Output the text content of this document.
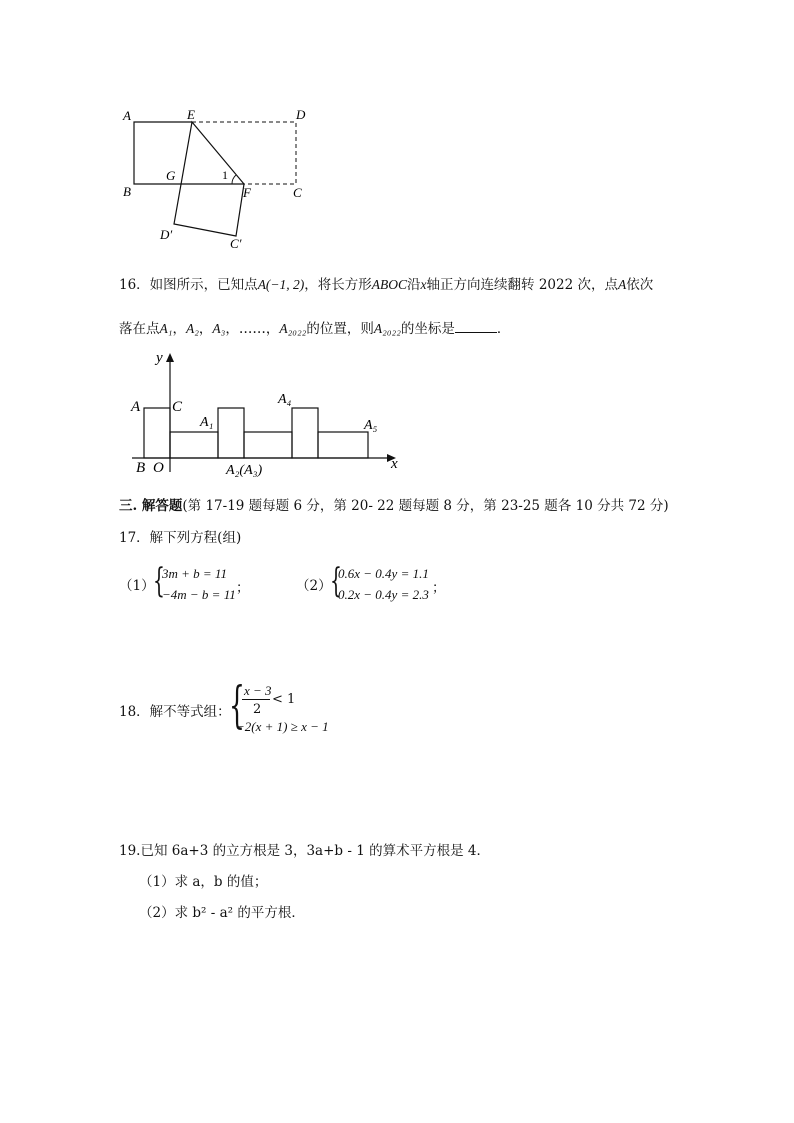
A	E	D
G	1
F
B	C
D′
C′
16．如图所示，已知点A(−1, 2)，将长方形ABOC沿x轴正方向连续翻转 2022 次，点A依次
落在点A₁，A₂，A₃，……，A₂₀₂₂的位置，则A₂₀₂₂的坐标是	．
y
x
A C
B O
A₁
A₄
A₅
A₂(A₃)
三. 解答题(第 17-19 题每题 6 分，第 20- 22 题每题 8 分，第 23-25 题各 10 分共 72 分)
17．解下列方程(组)
（1）
{
3m + b = 11
−4m − b = 11 ；	（2）
{
0.6x − 0.4y = 1.1
0.2x − 0.4y = 2.3 ；
18．解不等式组：
{ x − 3
2
< 1
−2(x + 1) ≥ x − 1
19.已知 6a+3 的立方根是 3，3a+b - 1 的算术平方根是 4．
（1）求 a，b 的值；
（2）求 b² - a² 的平方根．
